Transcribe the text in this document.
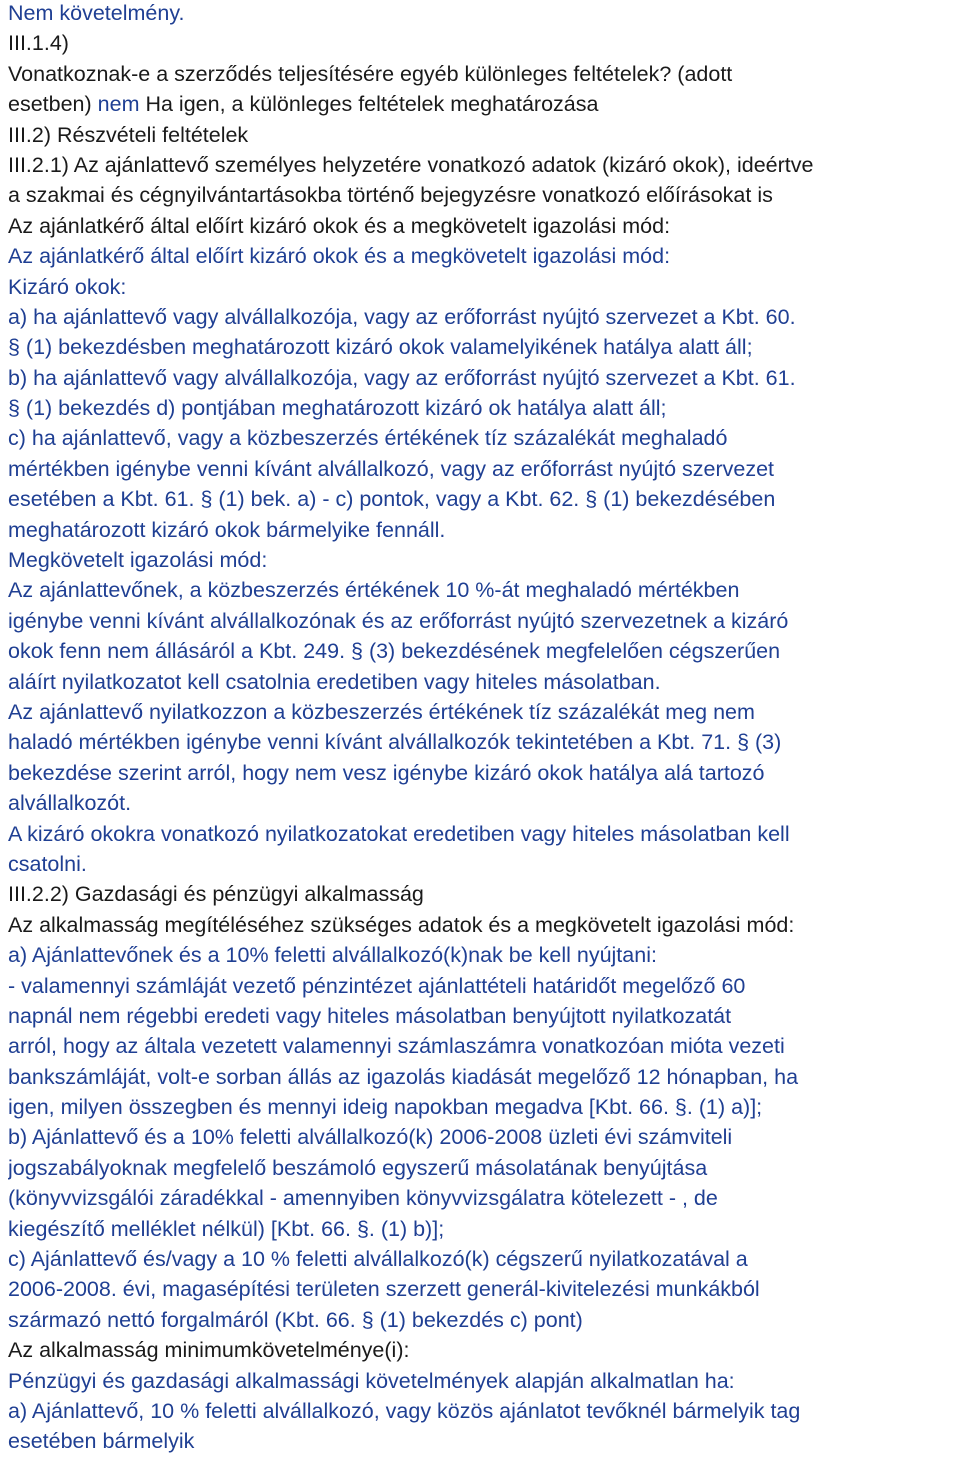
Nem követelmény.
III.1.4)
Vonatkoznak-e a szerződés teljesítésére egyéb különleges feltételek? (adott
esetben) nem Ha igen, a különleges feltételek meghatározása
III.2) Részvételi feltételek
III.2.1) Az ajánlattevő személyes helyzetére vonatkozó adatok (kizáró okok), ideértve
a szakmai és cégnyilvántartásokba történő bejegyzésre vonatkozó előírásokat is
Az ajánlatkérő által előírt kizáró okok és a megkövetelt igazolási mód:
Az ajánlatkérő által előírt kizáró okok és a megkövetelt igazolási mód:
Kizáró okok:
a) ha ajánlattevő vagy alvállalkozója, vagy az erőforrást nyújtó szervezet a Kbt. 60.
§ (1) bekezdésben meghatározott kizáró okok valamelyikének hatálya alatt áll;
b) ha ajánlattevő vagy alvállalkozója, vagy az erőforrást nyújtó szervezet a Kbt. 61.
§ (1) bekezdés d) pontjában meghatározott kizáró ok hatálya alatt áll;
c) ha ajánlattevő, vagy a közbeszerzés értékének tíz százalékát meghaladó
mértékben igénybe venni kívánt alvállalkozó, vagy az erőforrást nyújtó szervezet
esetében a Kbt. 61. § (1) bek. a) - c) pontok, vagy a Kbt. 62. § (1) bekezdésében
meghatározott kizáró okok bármelyike fennáll.
Megkövetelt igazolási mód:
Az ajánlattevőnek, a közbeszerzés értékének 10 %-át meghaladó mértékben
igénybe venni kívánt alvállalkozónak és az erőforrást nyújtó szervezetnek a kizáró
okok fenn nem állásáról a Kbt. 249. § (3) bekezdésének megfelelően cégszerűen
aláírt nyilatkozatot kell csatolnia eredetiben vagy hiteles másolatban.
Az ajánlattevő nyilatkozzon a közbeszerzés értékének tíz százalékát meg nem
haladó mértékben igénybe venni kívánt alvállalkozók tekintetében a Kbt. 71. § (3)
bekezdése szerint arról, hogy nem vesz igénybe kizáró okok hatálya alá tartozó
alvállalkozót.
A kizáró okokra vonatkozó nyilatkozatokat eredetiben vagy hiteles másolatban kell
csatolni.
III.2.2) Gazdasági és pénzügyi alkalmasság
Az alkalmasság megítéléséhez szükséges adatok és a megkövetelt igazolási mód:
a) Ajánlattevőnek és a 10% feletti alvállalkozó(k)nak be kell nyújtani:
- valamennyi számláját vezető pénzintézet ajánlattételi határidőt megelőző 60
napnál nem régebbi eredeti vagy hiteles másolatban benyújtott nyilatkozatát
arról, hogy az általa vezetett valamennyi számlaszámra vonatkozóan mióta vezeti
bankszámláját, volt-e sorban állás az igazolás kiadását megelőző 12 hónapban, ha
igen, milyen összegben és mennyi ideig napokban megadva [Kbt. 66. §. (1) a)];
b) Ajánlattevő és a 10% feletti alvállalkozó(k) 2006-2008 üzleti évi számviteli
jogszabályoknak megfelelő beszámoló egyszerű másolatának benyújtása
(könyvvizsgálói záradékkal - amennyiben könyvvizsgálatra kötelezett - , de
kiegészítő melléklet nélkül) [Kbt. 66. §. (1) b)];
c) Ajánlattevő és/vagy a 10 % feletti alvállalkozó(k) cégszerű nyilatkozatával a
2006-2008. évi, magasépítési területen szerzett generál-kivitelezési munkákból
származó nettó forgalmáról (Kbt. 66. § (1) bekezdés c) pont)
Az alkalmasság minimumkövetelménye(i):
Pénzügyi és gazdasági alkalmassági követelmények alapján alkalmatlan ha:
a) Ajánlattevő, 10 % feletti alvállalkozó, vagy közös ajánlatot tevőknél bármelyik tag
esetében bármelyik
